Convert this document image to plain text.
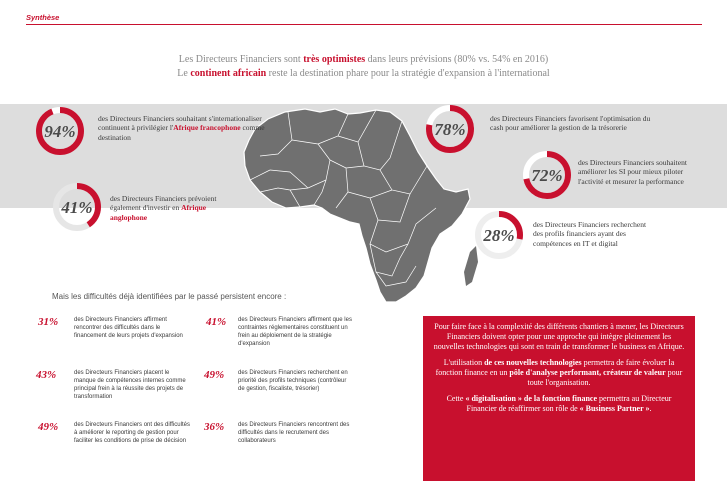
Synthèse
Les Directeurs Financiers sont très optimistes dans leurs prévisions (80% vs. 54% en 2016)
Le continent africain reste la destination phare pour la stratégie d'expansion à l'international
94%
des Directeurs Financiers souhaitant s'internationaliser continuent à privilégier l'Afrique francophone comme destination
41%	des Directeurs Financiers prévoient également d'investir en Afrique anglophone
78%
des Directeurs Financiers favorisent l'optimisation du cash pour améliorer la gestion de la trésorerie
72%
des Directeurs Financiers souhaitent améliorer les SI pour mieux piloter l'activité et mesurer la performance
28%
des Directeurs Financiers recherchent des profils financiers ayant des compétences en IT et digital
Mais les difficultés déjà identifiées par le passé persistent encore :
31%	des Directeurs Financiers affirment rencontrer des difficultés dans le financement de leurs projets d'expansion
41% des Directeurs Financiers affirment que les contraintes réglementaires constituent un frein au déploiement de la stratégie d'expansion
43%	des Directeurs Financiers placent le manque de compétences internes comme principal frein à la réussite des projets de transformation
49% des Directeurs Financiers recherchent en priorité des profils techniques (contrôleur de gestion, fiscaliste, trésorier)
49%	des Directeurs Financiers ont des difficultés à améliorer le reporting de gestion pour faciliter les conditions de prise de décision
36% des Directeurs Financiers rencontrent des difficultés dans le recrutement des collaborateurs

Pour faire face à la complexité des différents chantiers à mener, les Directeurs Financiers doivent opter pour une approche qui intègre pleinement les nouvelles technologies qui sont en train de transformer le business en Afrique.

L'utilisation de ces nouvelles technologies permettra de faire évoluer la fonction finance en un pôle d'analyse performant, créateur de valeur pour toute l'organisation.

Cette « digitalisation » de la fonction finance permettra au Directeur Financier de réaffirmer son rôle de « Business Partner ».
